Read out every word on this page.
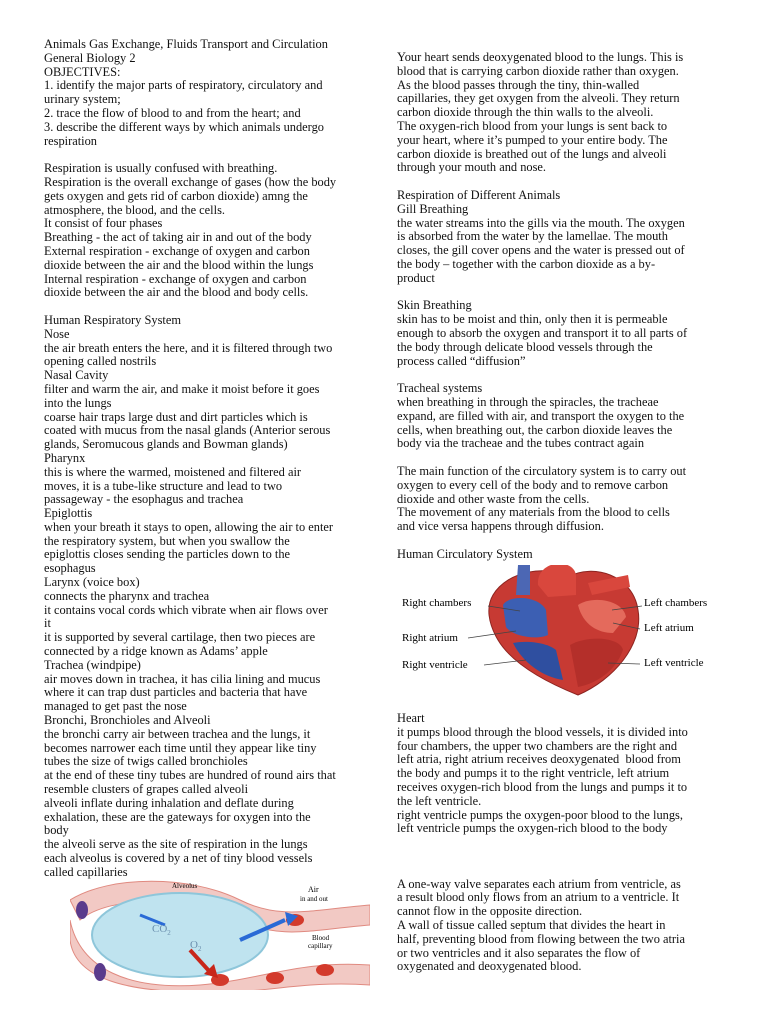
Animals Gas Exchange, Fluids Transport and Circulation
General Biology 2
OBJECTIVES:
1. identify the major parts of respiratory, circulatory and
urinary system;
2. trace the flow of blood to and from the heart; and
3. describe the different ways by which animals undergo
respiration
Respiration is usually confused with breathing.
Respiration is the overall exchange of gases (how the body
gets oxygen and gets rid of carbon dioxide) amng the
atmosphere, the blood, and the cells.
It consist of four phases
Breathing - the act of taking air in and out of the body
External respiration - exchange of oxygen and carbon
dioxide between the air and the blood within the lungs
Internal respiration - exchange of oxygen and carbon
dioxide between the air and the blood and body cells.
Human Respiratory System
Nose
the air breath enters the here, and it is filtered through two
opening called nostrils
Nasal Cavity
filter and warm the air, and make it moist before it goes
into the lungs
coarse hair traps large dust and dirt particles which is
coated with mucus from the nasal glands (Anterior serous
glands, Seromucous glands and Bowman glands)
Pharynx
this is where the warmed, moistened and filtered air
moves, it is a tube-like structure and lead to two
passageway - the esophagus and trachea
Epiglottis
when your breath it stays to open, allowing the air to enter
the respiratory system, but when you swallow the
epiglottis closes sending the particles down to the
esophagus
Larynx (voice box)
connects the pharynx and trachea
it contains vocal cords which vibrate when air flows over
it
it is supported by several cartilage, then two pieces are
connected by a ridge known as Adams’ apple
Trachea (windpipe)
air moves down in trachea, it has cilia lining and mucus
where it can trap dust particles and bacteria that have
managed to get past the nose
Bronchi, Bronchioles and Alveoli
the bronchi carry air between trachea and the lungs, it
becomes narrower each time until they appear like tiny
tubes the size of twigs called bronchioles
at the end of these tiny tubes are hundred of round airs that
resemble clusters of grapes called alveoli
alveoli inflate during inhalation and deflate during
exhalation, these are the gateways for oxygen into the
body
the alveoli serve as the site of respiration in the lungs
each alveolus is covered by a net of tiny blood vessels
called capillaries
Your heart sends deoxygenated blood to the lungs. This is
blood that is carrying carbon dioxide rather than oxygen.
As the blood passes through the tiny, thin-walled
capillaries, they get oxygen from the alveoli. They return
carbon dioxide through the thin walls to the alveoli.
The oxygen-rich blood from your lungs is sent back to
your heart, where it’s pumped to your entire body. The
carbon dioxide is breathed out of the lungs and alveoli
through your mouth and nose.
Respiration of Different Animals
Gill Breathing
the water streams into the gills via the mouth. The oxygen
is absorbed from the water by the lamellae. The mouth
closes, the gill cover opens and the water is pressed out of
the body – together with the carbon dioxide as a by-
product
Skin Breathing
skin has to be moist and thin, only then it is permeable
enough to absorb the oxygen and transport it to all parts of
the body through delicate blood vessels through the
process called “diffusion”
Tracheal systems
when breathing in through the spiracles, the tracheae
expand, are filled with air, and transport the oxygen to the
cells, when breathing out, the carbon dioxide leaves the
body via the tracheae and the tubes contract again
The main function of the circulatory system is to carry out
oxygen to every cell of the body and to remove carbon
dioxide and other waste from the cells.
The movement of any materials from the blood to cells
and vice versa happens through diffusion.
Human Circulatory System
Heart
it pumps blood through the blood vessels, it is divided into
four chambers, the upper two chambers are the right and
left atria, right atrium receives deoxygenated  blood from
the body and pumps it to the right ventricle, left atrium
receives oxygen-rich blood from the lungs and pumps it to
the left ventricle.
right ventricle pumps the oxygen-poor blood to the lungs,
left ventricle pumps the oxygen-rich blood to the body
A one-way valve separates each atrium from ventricle, as
a result blood only flows from an atrium to a ventricle. It
cannot flow in the opposite direction.
A wall of tissue called septum that divides the heart in
half, preventing blood from flowing between the two atria
or two ventricles and it also separates the flow of
oxygenated and deoxygenated blood.
Right chambers
Right atrium
Right ventricle
Left chambers
Left atrium
Left ventricle
Alveolus	Air
in and out
$CO_2$
$O_2$
Blood
capillary
